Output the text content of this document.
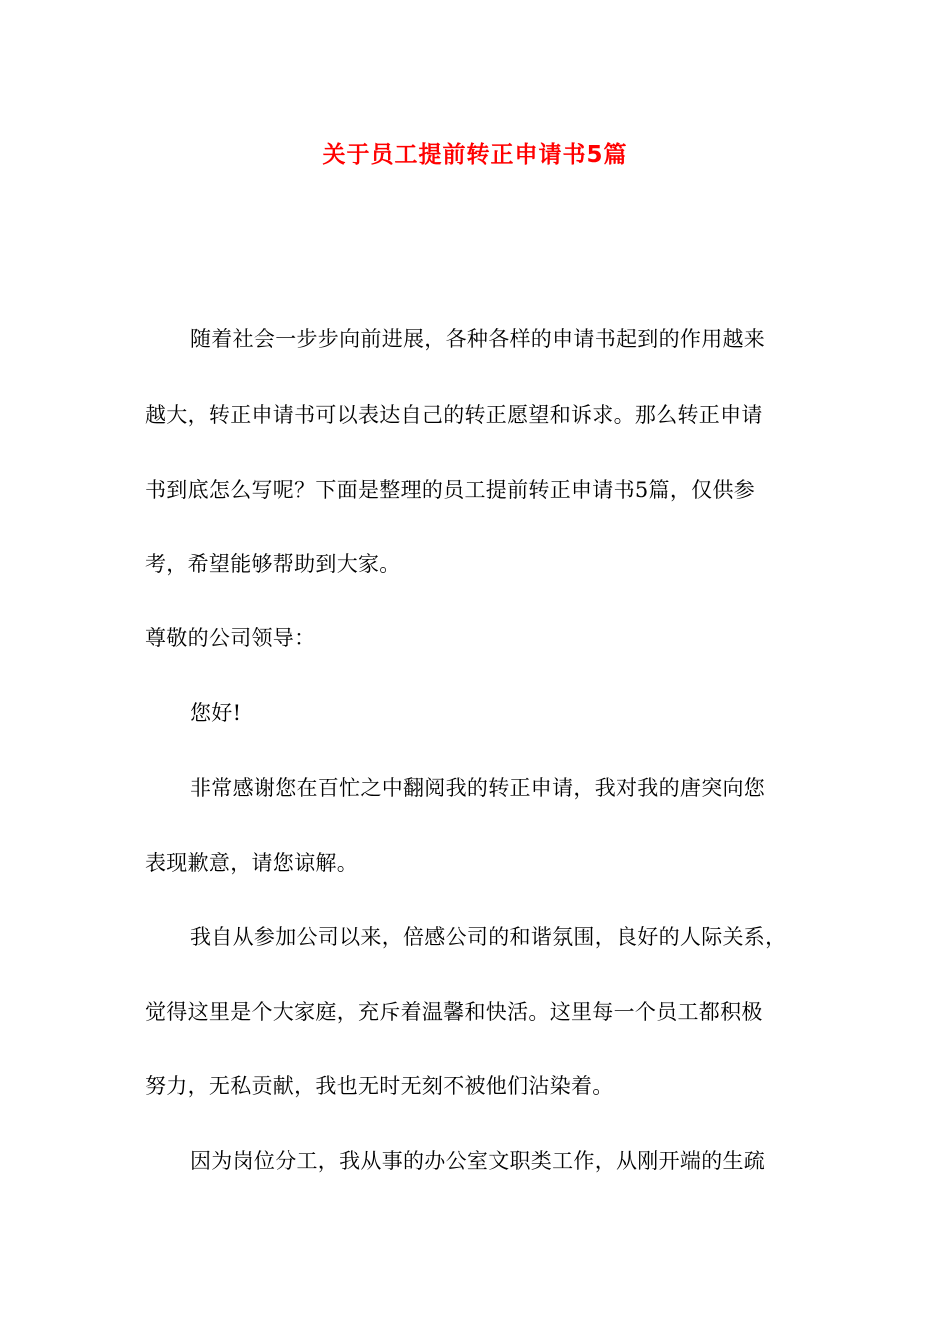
关于员工提前转正申请书5篇
随着社会一步步向前进展，各种各样的申请书起到的作用越来
越大，转正申请书可以表达自己的转正愿望和诉求。那么转正申请
书到底怎么写呢？下面是整理的员工提前转正申请书5篇，仅供参
考，希望能够帮助到大家。
尊敬的公司领导：
您好!
非常感谢您在百忙之中翻阅我的转正申请，我对我的唐突向您
表现歉意，请您谅解。
我自从参加公司以来，倍感公司的和谐氛围，良好的人际关系，
觉得这里是个大家庭，充斥着温馨和快活。这里每一个员工都积极
努力，无私贡献，我也无时无刻不被他们沾染着。
因为岗位分工，我从事的办公室文职类工作，从刚开端的生疏
